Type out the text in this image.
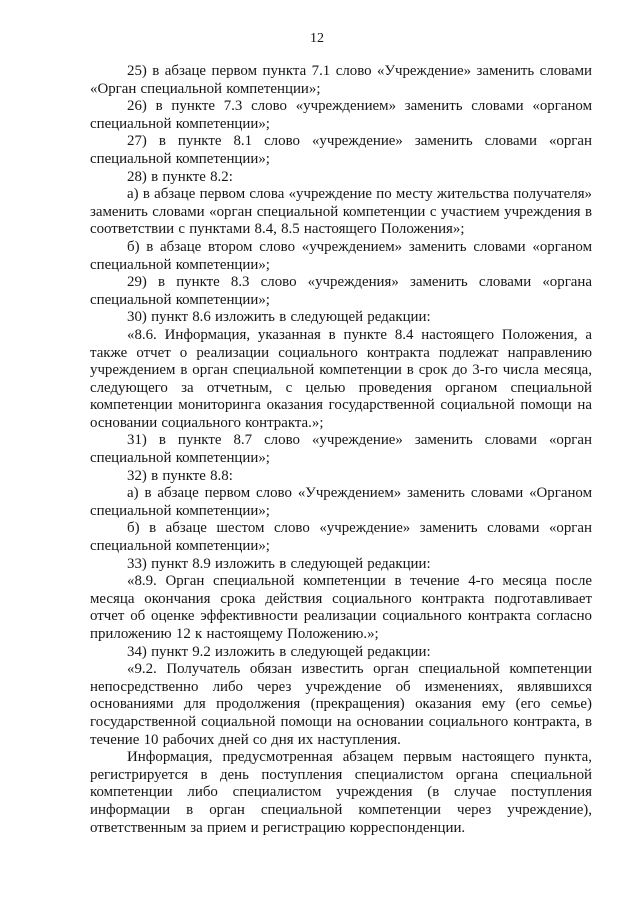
12

25) в абзаце первом пункта 7.1 слово «Учреждение» заменить словами «Орган специальной компетенции»;

26) в пункте 7.3 слово «учреждением» заменить словами «органом специальной компетенции»;

27) в пункте 8.1 слово «учреждение» заменить словами «орган специальной компетенции»;

28) в пункте 8.2:

а) в абзаце первом слова «учреждение по месту жительства получателя» заменить словами «орган специальной компетенции с участием учреждения в соответствии с пунктами 8.4, 8.5 настоящего Положения»;

б) в абзаце втором слово «учреждением» заменить словами «органом специальной компетенции»;

29) в пункте 8.3 слово «учреждения» заменить словами «органа специальной компетенции»;

30) пункт 8.6 изложить в следующей редакции:

«8.6. Информация, указанная в пункте 8.4 настоящего Положения, а также отчет о реализации социального контракта подлежат направлению учреждением в орган специальной компетенции в срок до 3-го числа месяца, следующего за отчетным, с целью проведения органом специальной компетенции мониторинга оказания государственной социальной помощи на основании социального контракта.»;

31) в пункте 8.7 слово «учреждение» заменить словами «орган специальной компетенции»;

32) в пункте 8.8:

а) в абзаце первом слово «Учреждением» заменить словами «Органом специальной компетенции»;

б) в абзаце шестом слово «учреждение» заменить словами «орган специальной компетенции»;

33) пункт 8.9 изложить в следующей редакции:

«8.9. Орган специальной компетенции в течение 4-го месяца после месяца окончания срока действия социального контракта подготавливает отчет об оценке эффективности реализации социального контракта согласно приложению 12 к настоящему Положению.»;

34) пункт 9.2 изложить в следующей редакции:

«9.2. Получатель обязан известить орган специальной компетенции непосредственно либо через учреждение об изменениях, являвшихся основаниями для продолжения (прекращения) оказания ему (его семье) государственной социальной помощи на основании социального контракта, в течение 10 рабочих дней со дня их наступления.

Информация, предусмотренная абзацем первым настоящего пункта, регистрируется в день поступления специалистом органа специальной компетенции либо специалистом учреждения (в случае поступления информации в орган специальной компетенции через учреждение), ответственным за прием и регистрацию корреспонденции.
